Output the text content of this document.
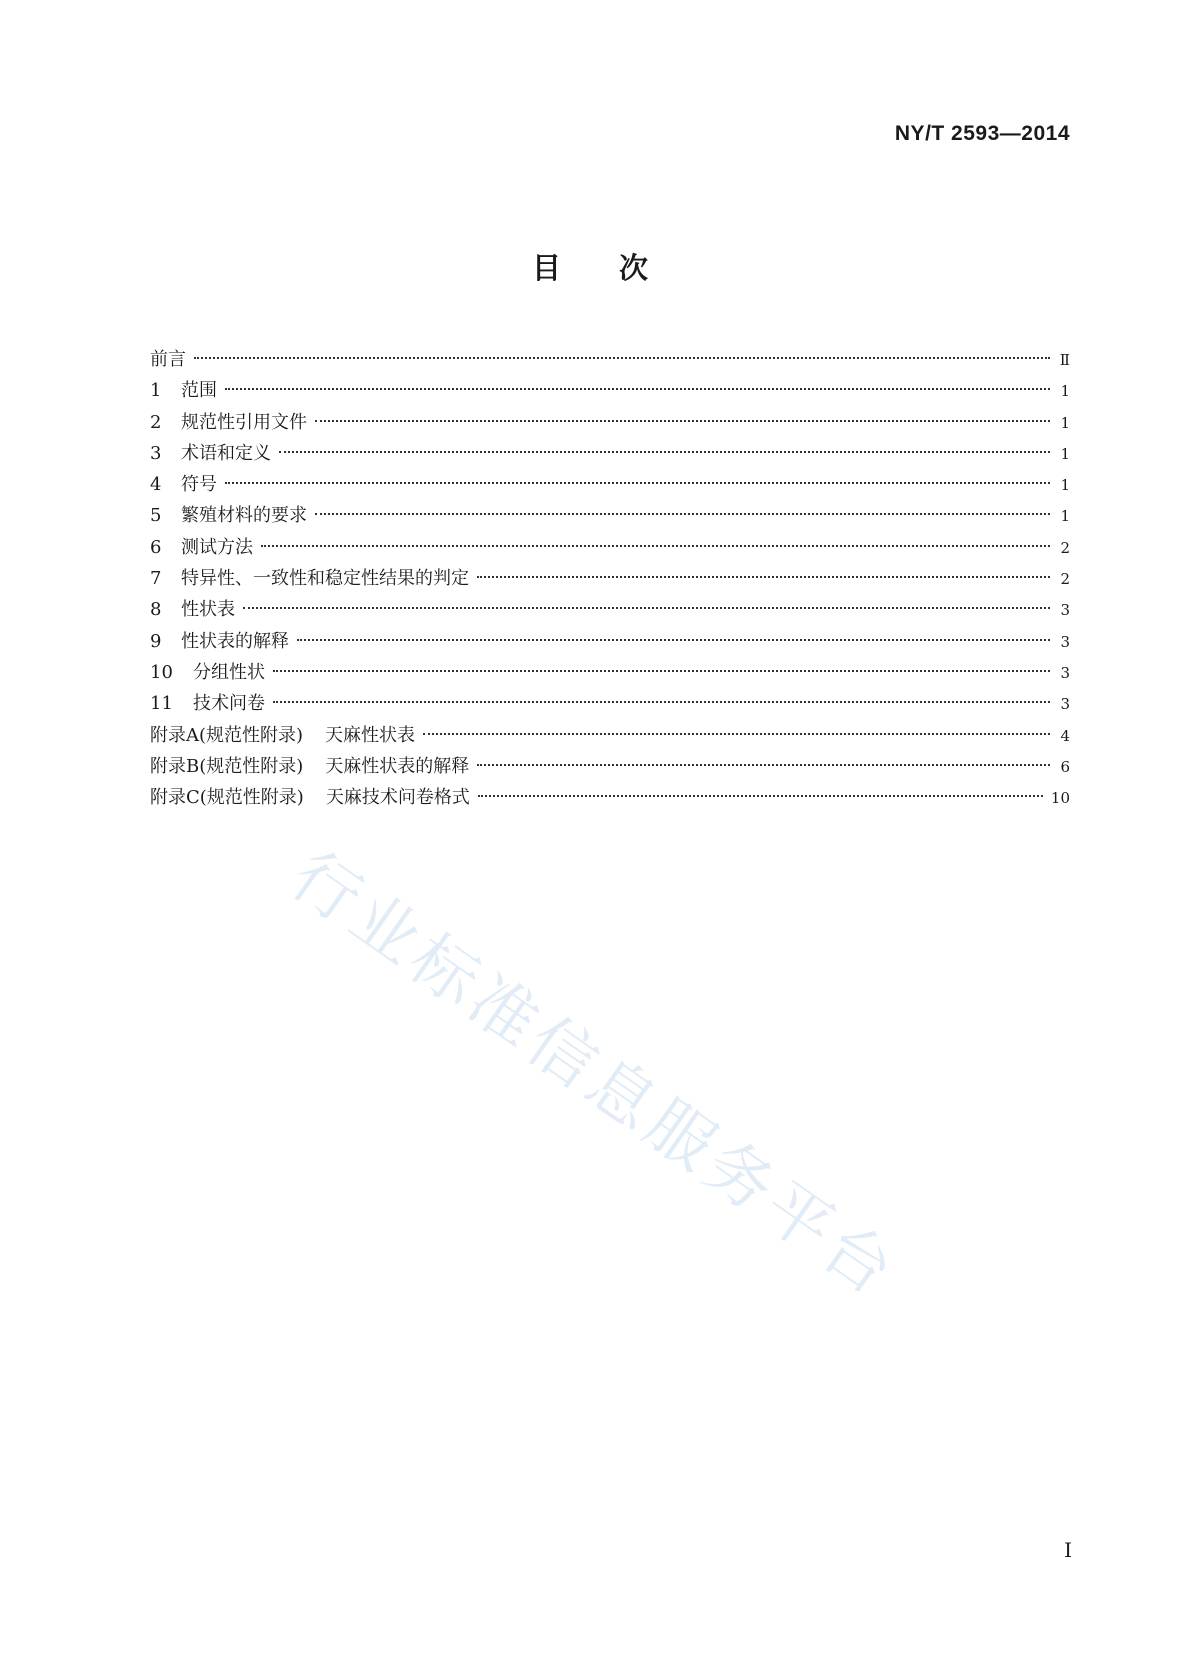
NY/T 2593—2014
目次
前言	Ⅱ
1	范围	1
2	规范性引用文件	1
3	术语和定义	1
4	符号	1
5	繁殖材料的要求	1
6	测试方法	2
7	特异性、一致性和稳定性结果的判定	2
8	性状表	3
9	性状表的解释	3
10	分组性状	3
11	技术问卷	3
附录A(规范性附录) 天麻性状表	4
附录B(规范性附录) 天麻性状表的解释	6
附录C(规范性附录) 天麻技术问卷格式	10
行业标准信息服务平台
I
